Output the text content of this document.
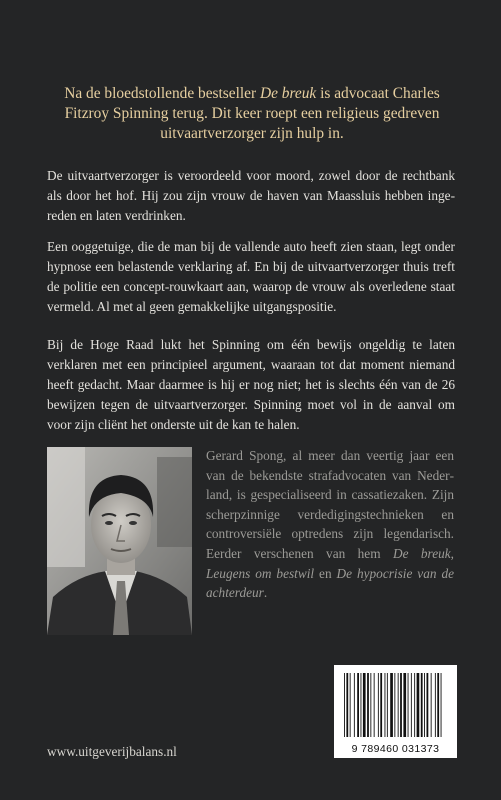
Na de bloedstollende bestseller De breuk is advocaat Charles Fitzroy Spinning terug. Dit keer roept een religieus gedreven uitvaartverzorger zijn hulp in.

De uitvaartverzorger is veroordeeld voor moord, zowel door de rechtbank als door het hof. Hij zou zijn vrouw de haven van Maassluis hebben ingereden en laten verdrinken.

Een ooggetuige, die de man bij de vallende auto heeft zien staan, legt onder hypnose een belastende verklaring af. En bij de uitvaartverzorger thuis treft de politie een concept-rouwkaart aan, waarop de vrouw als overledene staat vermeld. Al met al geen gemakkelijke uitgangspositie.

Bij de Hoge Raad lukt het Spinning om één bewijs ongeldig te laten verklaren met een principieel argument, waaraan tot dat moment niemand heeft gedacht. Maar daarmee is hij er nog niet; het is slechts één van de 26 bewijzen tegen de uitvaartverzorger. Spinning moet vol in de aanval om voor zijn cliënt het onderste uit de kan te halen.

Gerard Spong, al meer dan veertig jaar een van de bekendste strafadvocaten van Nederland, is gespecialiseerd in cassatiezaken. Zijn scherpzinnige verdedigingstechnieken en controversiële optredens zijn legendarisch. Eerder verschenen van hem De breuk, Leugens om bestwil en De hypocrisie van de achterdeur.

9 789460 031373
www.uitgeverijbalans.nl
